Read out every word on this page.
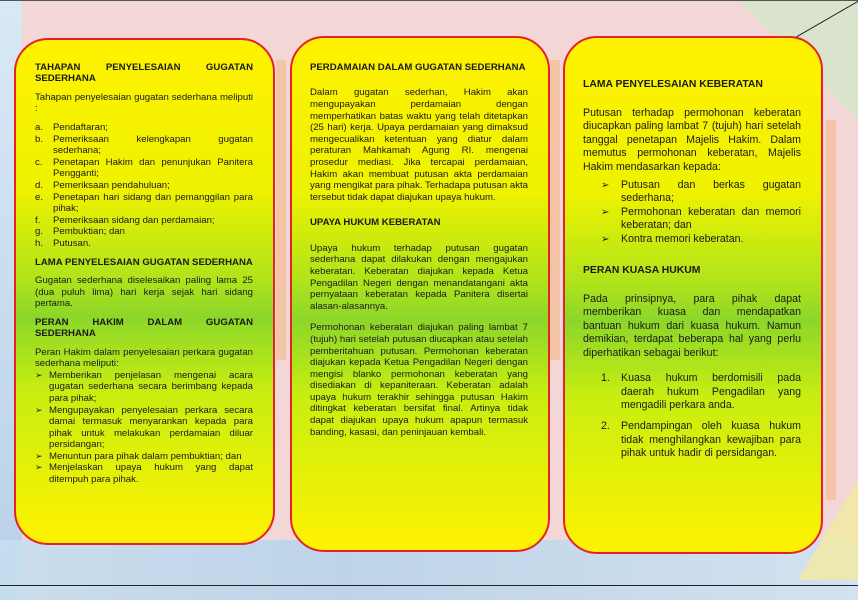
TAHAPAN PENYELESAIAN GUGATAN SEDERHANA

Tahapan penyelesaian gugatan sederhana meliputi :

a. Pendaftaran;
b. Pemeriksaan kelengkapan gugatan sederhana;
c. Penetapan Hakim dan penunjukan Panitera Pengganti;
d. Pemeriksaan pendahuluan;
e. Penetapan hari sidang dan pemanggilan para pihak;
f. Pemeriksaan sidang dan perdamaian;
g. Pembuktian; dan
h. Putusan.
LAMA PENYELESAIAN GUGATAN SEDERHANA

Gugatan sederhana diselesaikan paling lama 25 (dua puluh lima) hari kerja sejak hari sidang pertama.

PERAN HAKIM DALAM GUGATAN SEDERHANA

Peran Hakim dalam penyelesaian perkara gugatan sederhana meliputi:

➢ Memberikan penjelasan mengenai acara gugatan sederhana secara berimbang kepada para pihak;
➢ Mengupayakan penyelesaian perkara secara damai termasuk menyarankan kepada para pihak untuk melakukan perdamaian diluar persidangan;
➢ Menuntun para pihak dalam pembuktian; dan
➢ Menjelaskan upaya hukum yang dapat ditempuh para pihak.
PERDAMAIAN DALAM GUGATAN SEDERHANA

Dalam gugatan sederhan, Hakim akan mengupayakan perdamaian dengan memperhatikan batas waktu yang telah ditetapkan (25 hari) kerja. Upaya perdamaian yang dimaksud mengecualikan ketentuan yang diatur dalam peraturan Mahkamah Agung RI. mengenai prosedur mediasi. Jika tercapai perdamaian, Hakim akan membuat putusan akta perdamaian yang mengikat para pihak. Terhadapa putusan akta tersebut tidak dapat diajukan upaya hukum.

UPAYA HUKUM KEBERATAN

Upaya hukum terhadap putusan gugatan sederhana dapat dilakukan dengan mengajukan keberatan. Keberatan diajukan kepada Ketua Pengadilan Negeri dengan menandatangani akta pernyataan keberatan kepada Panitera disertai alasan-alasannya.

Permohonan keberatan diajukan paling lambat 7 (tujuh) hari setelah putusan diucapkan atau setelah pemberitahuan putusan. Permohonan keberatan diajukan kepada Ketua Pengadilan Negeri dengan mengisi blanko permohonan keberatan yang disediakan di kepaniteraan. Keberatan adalah upaya hukum terakhir sehingga putusan Hakim ditingkat keberatan bersifat final. Artinya tidak dapat diajukan upaya hukum apapun termasuk banding, kasasi, dan peninjauan kembali.

LAMA PENYELESAIAN KEBERATAN

Putusan terhadap permohonan keberatan diucapkan paling lambat 7 (tujuh) hari setelah tanggal penetapan Majelis Hakim. Dalam memutus permohonan keberatan, Majelis Hakim mendasarkan kepada:

➢ Putusan dan berkas gugatan sederhana;
➢ Permohonan keberatan dan memori keberatan; dan
➢ Kontra memori keberatan.
PERAN KUASA HUKUM

Pada prinsipnya, para pihak dapat memberikan kuasa dan mendapatkan bantuan hukum dari kuasa hukum. Namun demikian, terdapat beberapa hal yang perlu diperhatikan sebagai berikut:

1. Kuasa hukum berdomisili pada daerah hukum Pengadilan yang mengadili perkara anda.
2. Pendampingan oleh kuasa hukum tidak menghilangkan kewajiban para pihak untuk hadir di persidangan.
